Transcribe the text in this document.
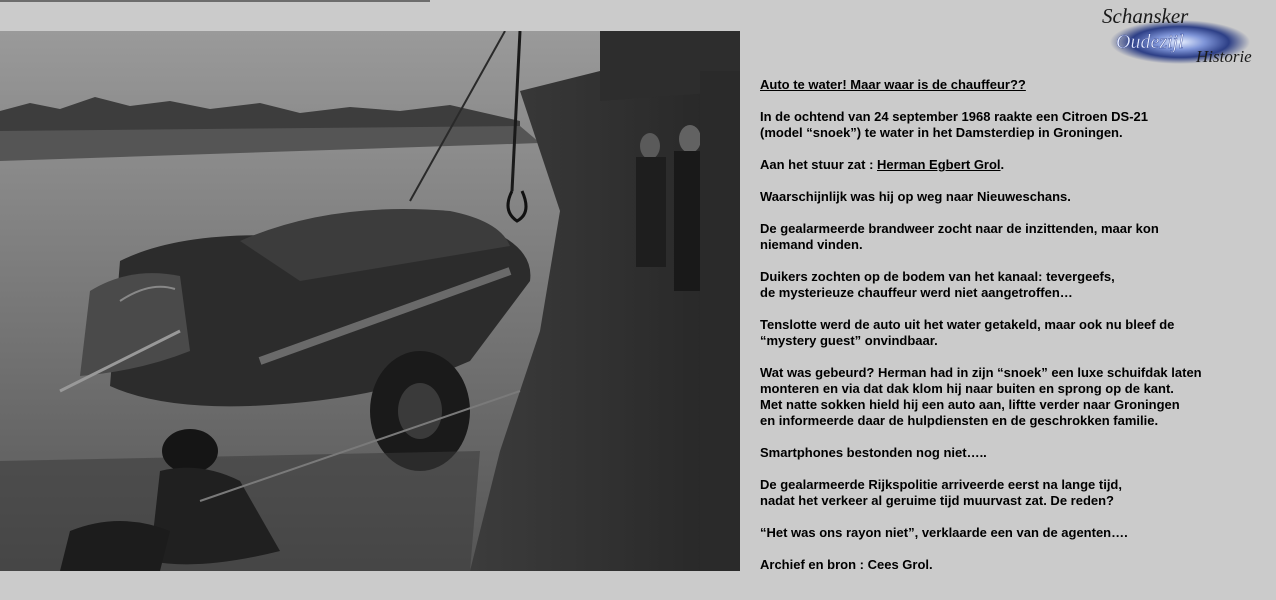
Schansker
Oudezijl
Historie

Auto te water! Maar waar is de chauffeur??

In de ochtend van 24 september 1968 raakte een Citroen DS-21
(model “snoek”) te water in het Damsterdiep in Groningen.

Aan het stuur zat : Herman Egbert Grol.

Waarschijnlijk was hij op weg naar Nieuweschans.

De gealarmeerde brandweer zocht naar de inzittenden, maar kon
niemand vinden.

Duikers zochten op de bodem van het kanaal: tevergeefs,
de mysterieuze chauffeur werd niet aangetroffen…

Tenslotte werd de auto uit het water getakeld, maar ook nu bleef de
“mystery guest” onvindbaar.

Wat was gebeurd? Herman had in zijn “snoek” een luxe schuifdak laten
monteren en via dat dak klom hij naar buiten en sprong op de kant.
Met natte sokken hield hij een auto aan, liftte verder naar Groningen
en informeerde daar de hulpdiensten en de geschrokken familie.

Smartphones bestonden nog niet…..

De gealarmeerde Rijkspolitie arriveerde eerst na lange tijd,
nadat het verkeer al geruime tijd muurvast zat. De reden?

“Het was ons rayon niet”, verklaarde een van de agenten….

Archief en bron : Cees Grol.
